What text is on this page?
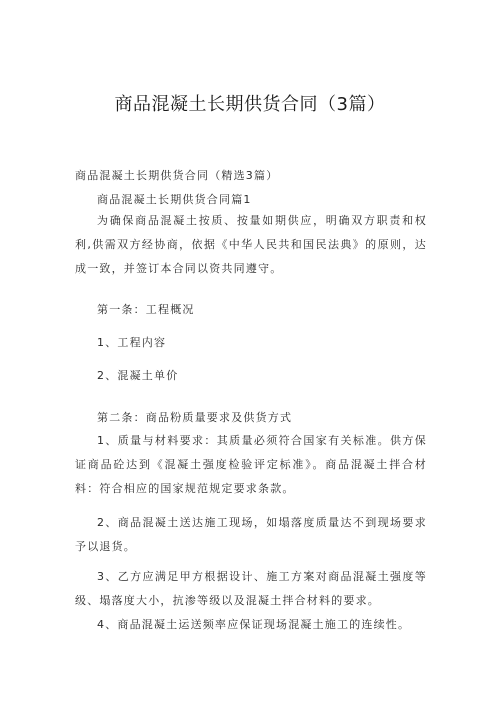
商品混凝土长期供货合同（3篇）
商品混凝土长期供货合同（精选3篇）
商品混凝土长期供货合同篇1
为确保商品混凝土按质、按量如期供应，明确双方职责和权利,供需双方经协商，依据《中华人民共和国民法典》的原则，达成一致，并签订本合同以资共同遵守。
第一条：工程概况
1、工程内容
2、混凝土单价
第二条：商品粉质量要求及供货方式
1、质量与材料要求：其质量必须符合国家有关标准。供方保证商品砼达到《混凝土强度检验评定标准》。商品混凝土拌合材料：符合相应的国家规范规定要求条款。
2、商品混凝土送达施工现场，如塌落度质量达不到现场要求予以退货。
3、乙方应满足甲方根据设计、施工方案对商品混凝土强度等级、塌落度大小，抗渗等级以及混凝土拌合材料的要求。
4、商品混凝土运送频率应保证现场混凝土施工的连续性。
